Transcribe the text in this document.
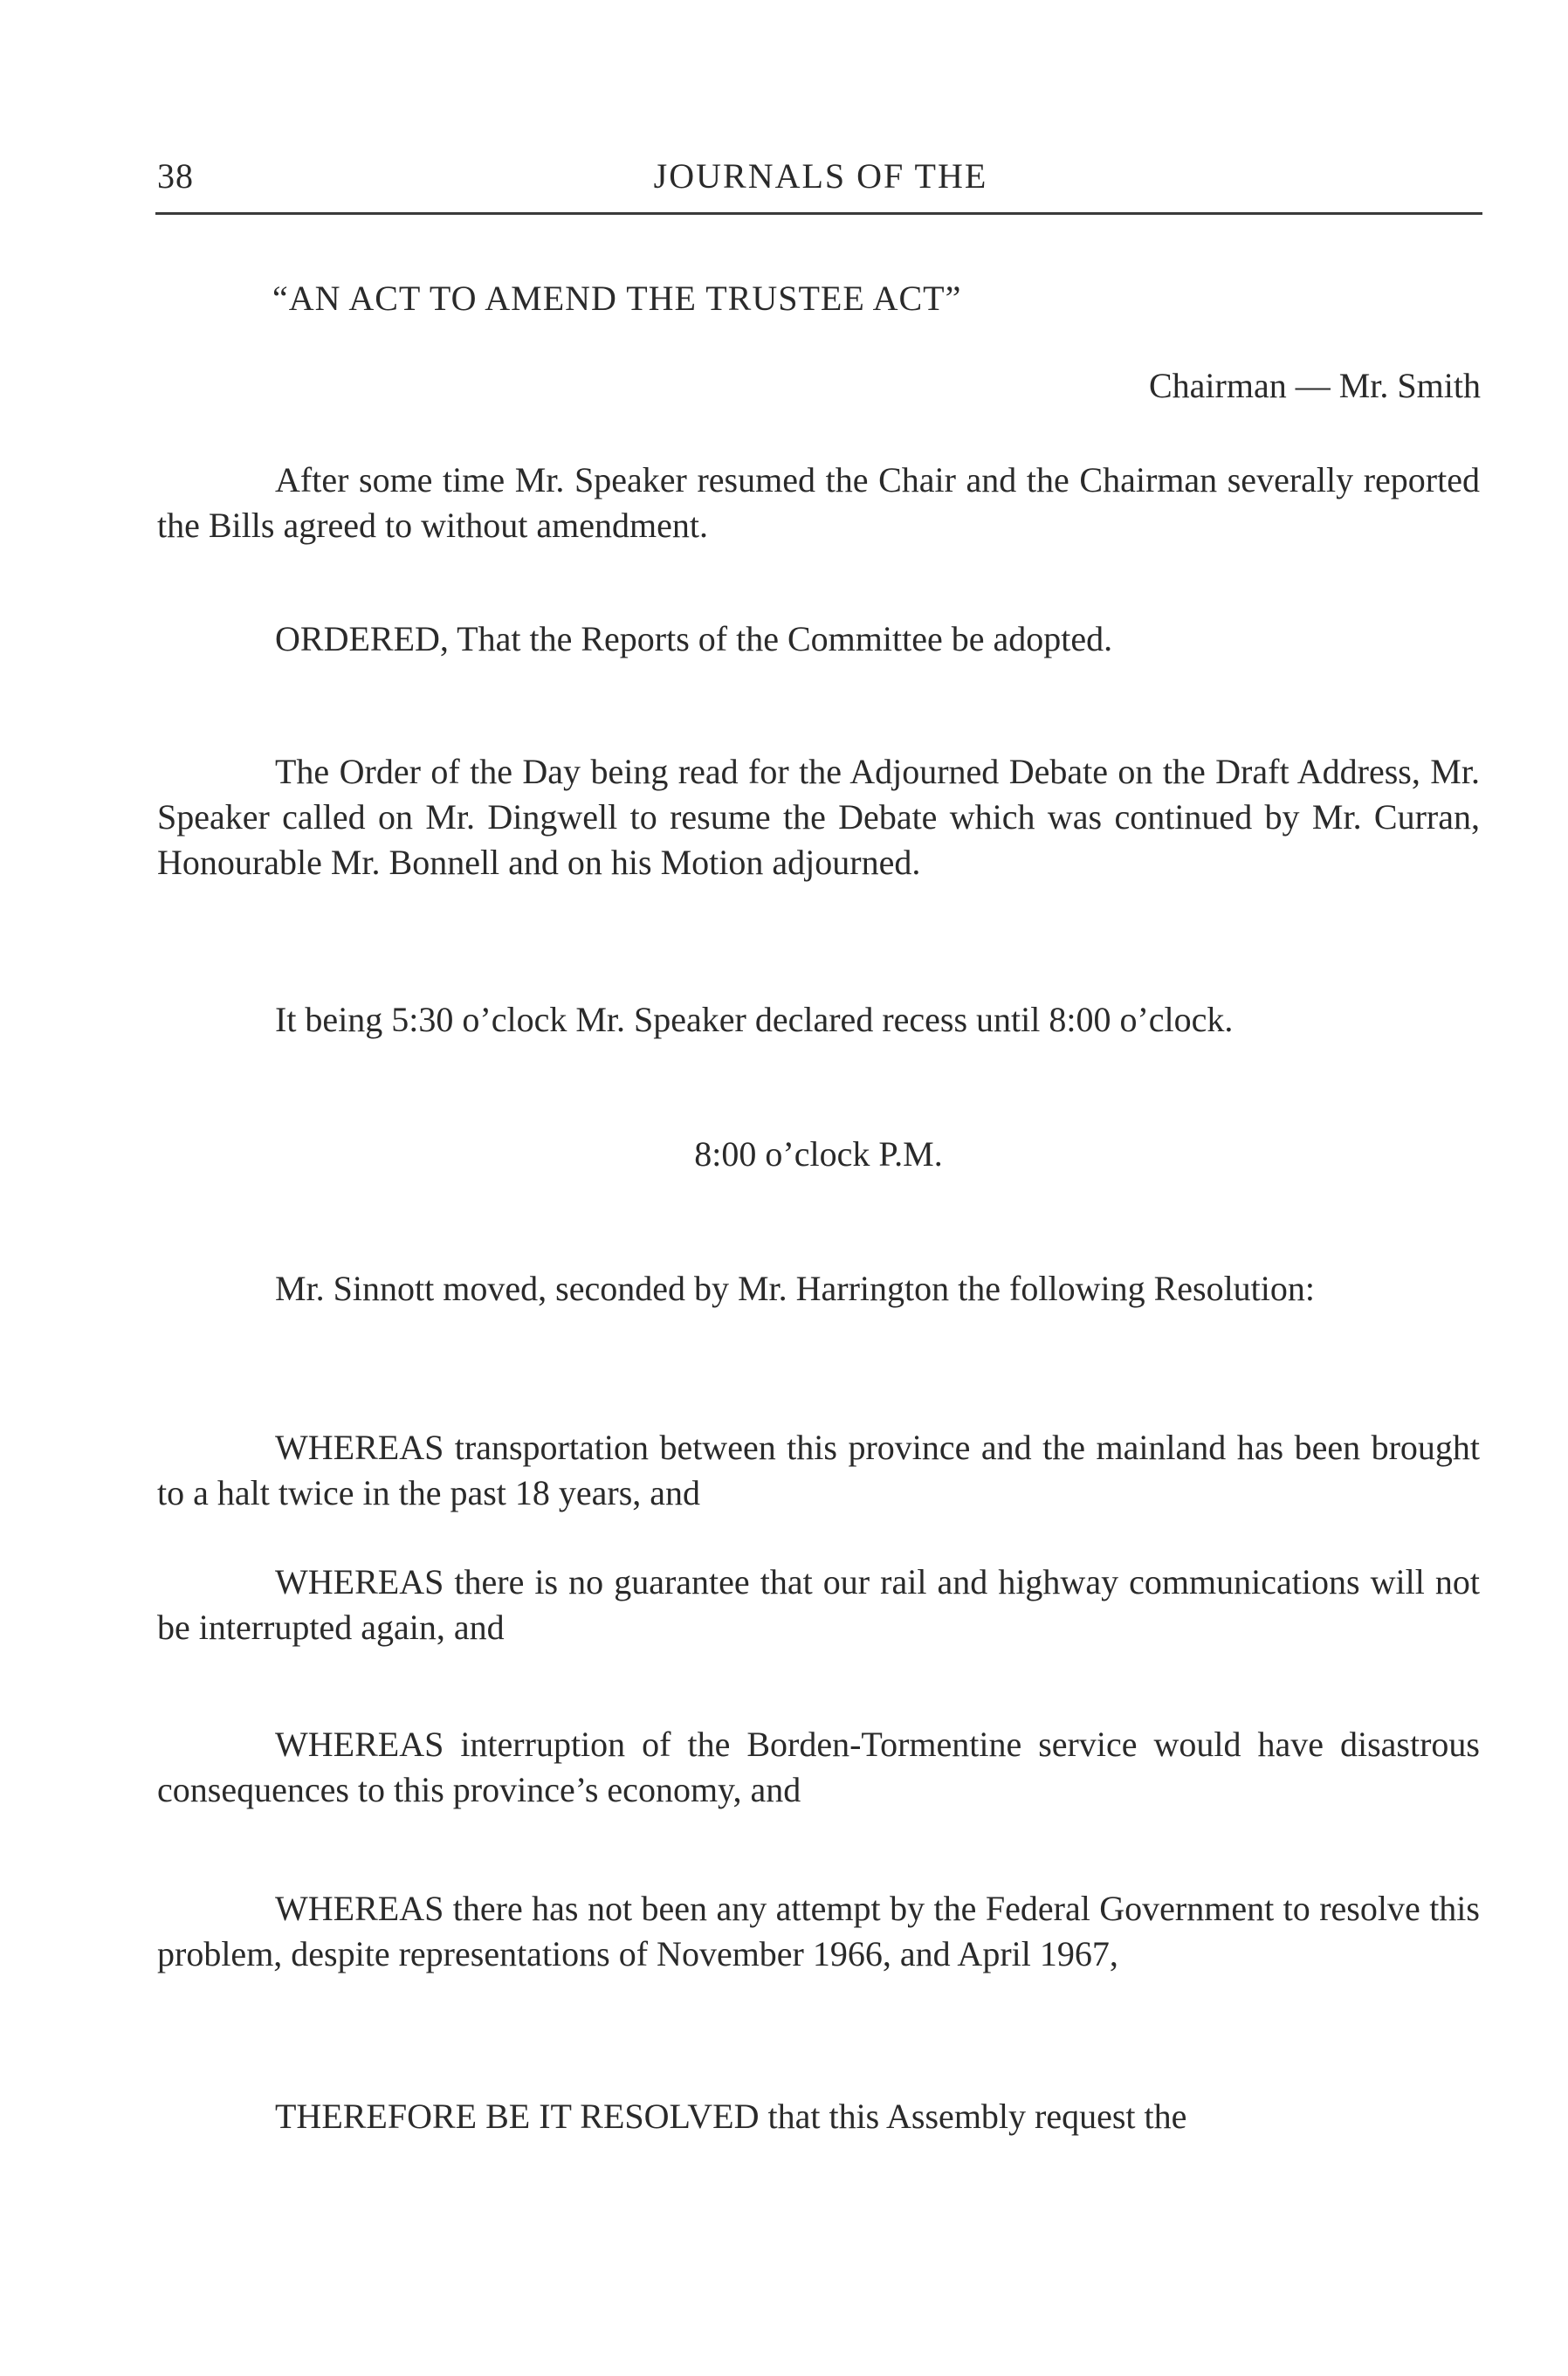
38	JOURNALS OF THE
“AN ACT TO AMEND THE TRUSTEE ACT”
Chairman — Mr. Smith

After some time Mr. Speaker resumed the Chair and the Chairman severally reported the Bills agreed to without amendment.

ORDERED, That the Reports of the Committee be adopted.

The Order of the Day being read for the Adjourned Debate on the Draft Address, Mr. Speaker called on Mr. Dingwell to resume the Debate which was continued by Mr. Curran, Honourable Mr. Bonnell and on his Motion adjourned.

It being 5:30 o’clock Mr. Speaker declared recess until 8:00 o’clock.

8:00 o’clock P.M.

Mr. Sinnott moved, seconded by Mr. Harrington the following Resolution:

WHEREAS transportation between this province and the mainland has been brought to a halt twice in the past 18 years, and

WHEREAS there is no guarantee that our rail and highway communications will not be interrupted again, and

WHEREAS interruption of the Borden-Tormentine service would have disastrous consequences to this province’s economy, and

WHEREAS there has not been any attempt by the Federal Government to resolve this problem, despite representations of November 1966, and April 1967,

THEREFORE BE IT RESOLVED that this Assembly request the
